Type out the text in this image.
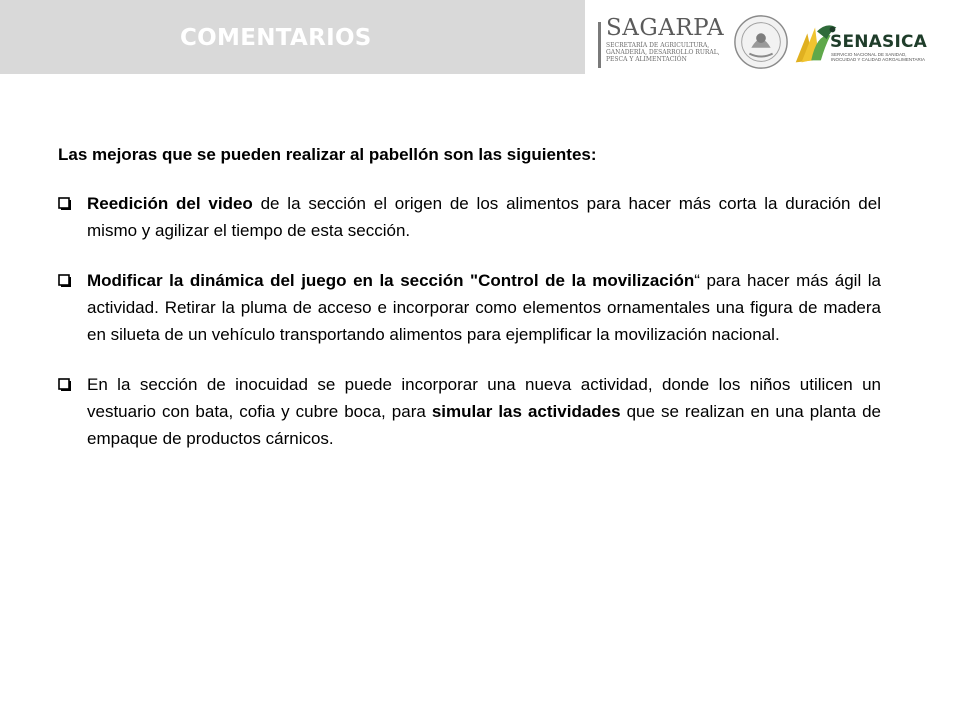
COMENTARIOS	SAGARPA
SECRETARÍA DE AGRICULTURA,
GANADERÍA, DESARROLLO RURAL,
PESCA Y ALIMENTACIÓN
SENASICA
SERVICIO NACIONAL DE SANIDAD,
INOCUIDAD Y CALIDAD AGROALIMENTARIA

Las mejoras que se pueden realizar al pabellón son las siguientes:

Reedición del video de la sección el origen de los alimentos para hacer más corta la duración del mismo y agilizar el tiempo de esta sección.
Modificar la dinámica del juego en la sección "Control de la movilización“ para hacer más ágil la actividad. Retirar la pluma de acceso e incorporar como elementos ornamentales una figura de madera en silueta de un vehículo transportando alimentos para ejemplificar la movilización nacional.
En la sección de inocuidad se puede incorporar una nueva actividad, donde los niños utilicen un vestuario con bata, cofia y cubre boca, para simular las actividades que se realizan en una planta de empaque de productos cárnicos.
